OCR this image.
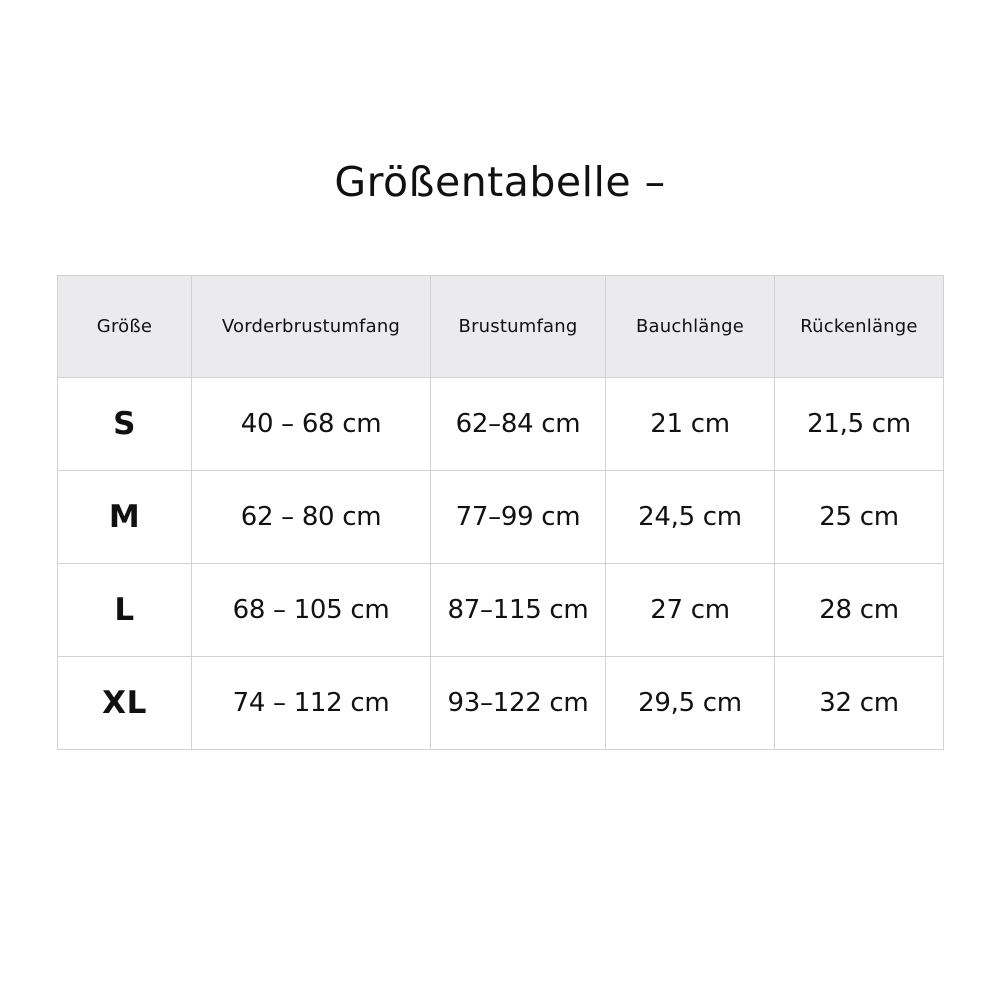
Größentabelle –
Größe	Vorderbrustumfang	Brustumfang	Bauchlänge	Rückenlänge
S	40 – 68 cm	62–84 cm	21 cm	21,5 cm
M	62 – 80 cm	77–99 cm	24,5 cm	25 cm
L	68 – 105 cm	87–115 cm	27 cm	28 cm
XL	74 – 112 cm	93–122 cm	29,5 cm	32 cm
